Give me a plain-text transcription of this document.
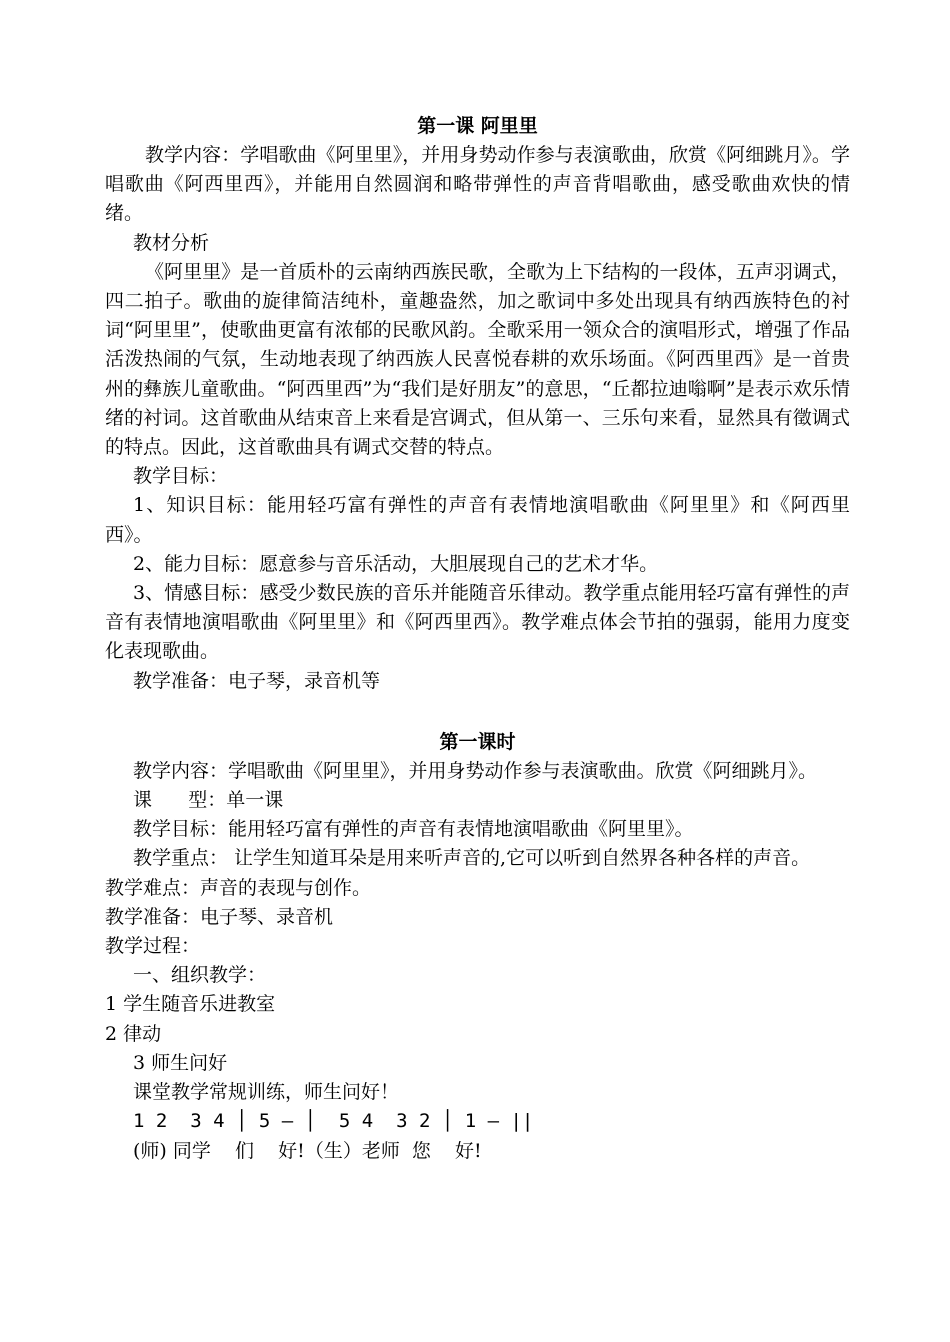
第一课 阿里里

教学内容：学唱歌曲《阿里里》，并用身势动作参与表演歌曲，欣赏《阿细跳月》。学唱歌曲《阿西里西》，并能用自然圆润和略带弹性的声音背唱歌曲，感受歌曲欢快的情绪。

教材分析

《阿里里》是一首质朴的云南纳西族民歌，全歌为上下结构的一段体，五声羽调式，四二拍子。歌曲的旋律简洁纯朴，童趣盎然，加之歌词中多处出现具有纳西族特色的衬词“阿里里”，使歌曲更富有浓郁的民歌风韵。全歌采用一领众合的演唱形式，增强了作品活泼热闹的气氛，生动地表现了纳西族人民喜悦春耕的欢乐场面。《阿西里西》是一首贵州的彝族儿童歌曲。“阿西里西”为“我们是好朋友”的意思，“丘都拉迪嗡啊”是表示欢乐情绪的衬词。这首歌曲从结束音上来看是宫调式，但从第一、三乐句来看，显然具有徵调式的特点。因此，这首歌曲具有调式交替的特点。

教学目标：

1、知识目标：能用轻巧富有弹性的声音有表情地演唱歌曲《阿里里》和《阿西里西》。

2、能力目标：愿意参与音乐活动，大胆展现自己的艺术才华。

3、情感目标：感受少数民族的音乐并能随音乐律动。教学重点能用轻巧富有弹性的声音有表情地演唱歌曲《阿里里》和《阿西里西》。教学难点体会节拍的强弱，能用力度变化表现歌曲。

教学准备：电子琴，录音机等

第一课时

教学内容：学唱歌曲《阿里里》，并用身势动作参与表演歌曲。欣赏《阿细跳月》。

课      型：单一课

教学目标：能用轻巧富有弹性的声音有表情地演唱歌曲《阿里里》。

教学重点： 让学生知道耳朵是用来听声音的,它可以听到自然界各种各样的声音。

教学难点：声音的表现与创作。

教学准备：电子琴、录音机

教学过程：

一、组织教学：

1 学生随音乐进教室

2 律动

3 师生问好

课堂教学常规训练，师生问好！

1 2  3 4 │ 5 — │  5 4  3 2 │ 1 — ||

(师) 同学    们    好!（生）老师  您    好!
